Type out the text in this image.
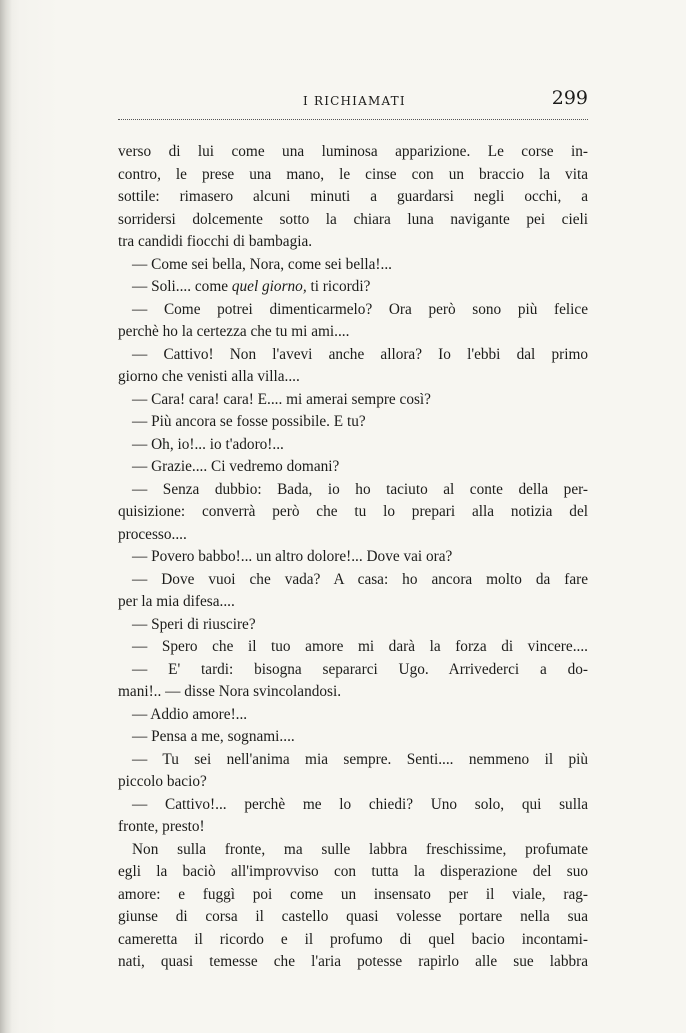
I RICHIAMATI	299
verso di lui come una luminosa apparizione. Le corse in-
contro, le prese una mano, le cinse con un braccio la vita
sottile: rimasero alcuni minuti a guardarsi negli occhi, a
sorridersi dolcemente sotto la chiara luna navigante pei cieli
tra candidi fiocchi di bambagia.
— Come sei bella, Nora, come sei bella!...
— Soli.... come quel giorno, ti ricordi?
— Come potrei dimenticarmelo? Ora però sono più felice
perchè ho la certezza che tu mi ami....
— Cattivo! Non l'avevi anche allora? Io l'ebbi dal primo
giorno che venisti alla villa....
— Cara! cara! cara! E.... mi amerai sempre così?
— Più ancora se fosse possibile. E tu?
— Oh, io!... io t'adoro!...
— Grazie.... Ci vedremo domani?
— Senza dubbio: Bada, io ho taciuto al conte della per-
quisizione: converrà però che tu lo prepari alla notizia del
processo....
— Povero babbo!... un altro dolore!... Dove vai ora?
— Dove vuoi che vada? A casa: ho ancora molto da fare
per la mia difesa....
— Speri di riuscire?
— Spero che il tuo amore mi darà la forza di vincere....
— E' tardi: bisogna separarci Ugo. Arrivederci a do-
mani!.. — disse Nora svincolandosi.
— Addio amore!...
— Pensa a me, sognami....
— Tu sei nell'anima mia sempre. Senti.... nemmeno il più
piccolo bacio?
— Cattivo!... perchè me lo chiedi? Uno solo, qui sulla
fronte, presto!
Non sulla fronte, ma sulle labbra freschissime, profumate
egli la baciò all'improvviso con tutta la disperazione del suo
amore: e fuggì poi come un insensato per il viale, rag-
giunse di corsa il castello quasi volesse portare nella sua
cameretta il ricordo e il profumo di quel bacio incontami-
nati, quasi temesse che l'aria potesse rapirlo alle sue labbra
